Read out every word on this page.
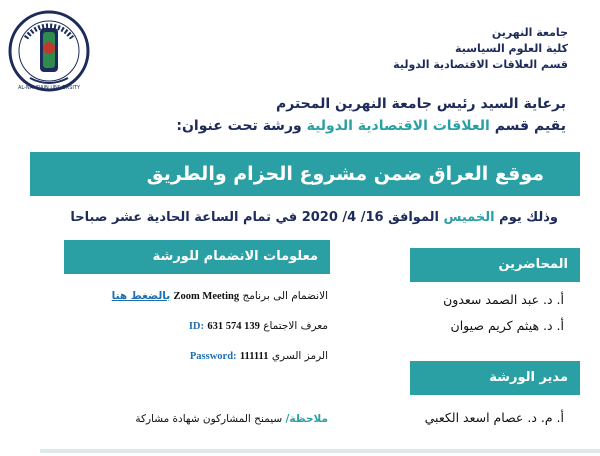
AL-NAHRAIN UNIVERSITY
جامعة النهرين
كلية العلوم السياسية
قسم العلاقات الاقتصادية الدولية
برعاية السيد رئيس جامعة النهرين المحترم
يقيم قسم العلاقات الاقتصادية الدولية ورشة تحت عنوان:
موقع العراق ضمن مشروع الحزام والطريق
وذلك يوم الخميس الموافق 16/ 4/ 2020 في تمام الساعة الحادية عشر صباحا
معلومات الانضمام للورشة
الانضمام الى برنامج Zoom Meeting بالضغط هنا
معرف الاجتماع ID: 631 574 139
الرمز السري Password: 111111
ملاحظة/ سيمنح المشاركون شهادة مشاركة
المحاضرين
أ. د. عبد الصمد سعدون
أ. د. هيثم كريم صيوان
مدير الورشة
أ. م. د. عصام اسعد الكعبي
